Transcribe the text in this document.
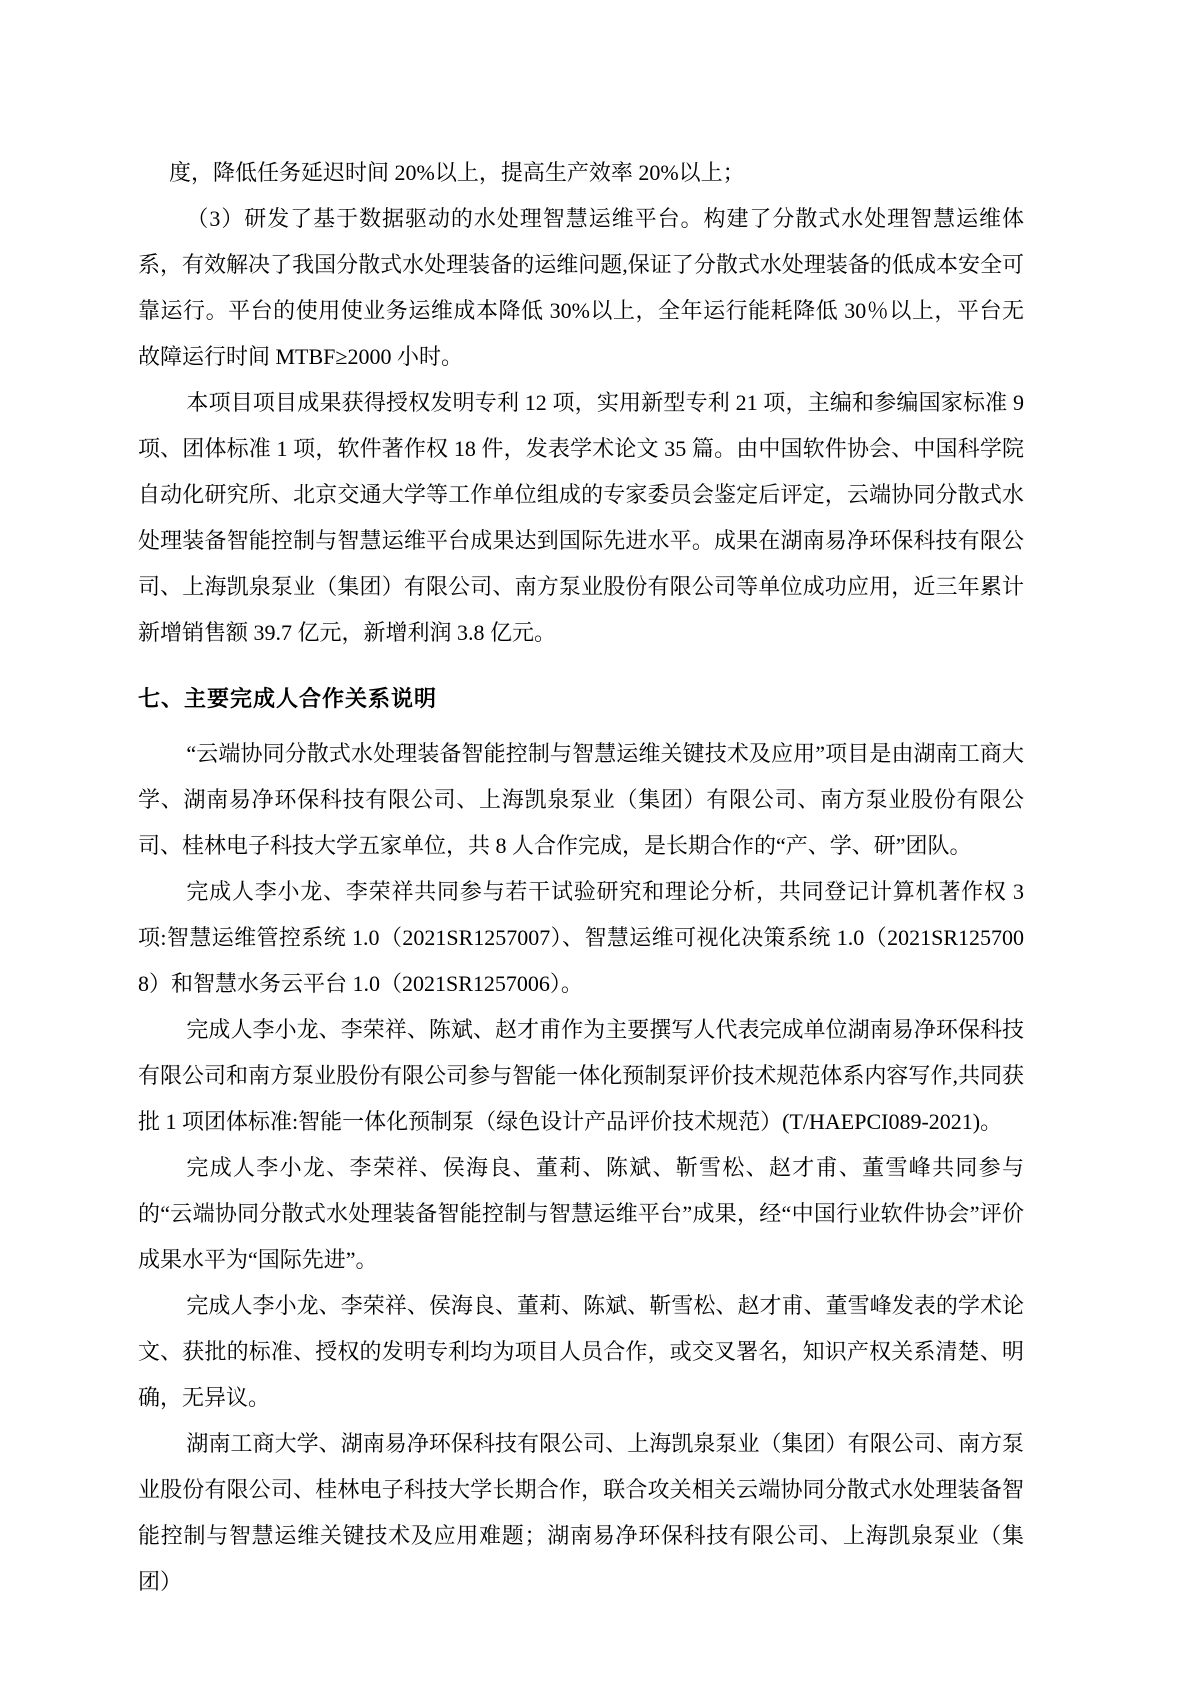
度，降低任务延迟时间 20%以上，提高生产效率 20%以上；

（3）研发了基于数据驱动的水处理智慧运维平台。构建了分散式水处理智慧运维体系，有效解决了我国分散式水处理装备的运维问题,保证了分散式水处理装备的低成本安全可靠运行。平台的使用使业务运维成本降低 30%以上，全年运行能耗降低 30％以上，平台无故障运行时间 MTBF≥2000 小时。

本项目项目成果获得授权发明专利 12 项，实用新型专利 21 项，主编和参编国家标准 9 项、团体标准 1 项，软件著作权 18 件，发表学术论文 35 篇。由中国软件协会、中国科学院自动化研究所、北京交通大学等工作单位组成的专家委员会鉴定后评定，云端协同分散式水处理装备智能控制与智慧运维平台成果达到国际先进水平。成果在湖南易净环保科技有限公司、上海凯泉泵业（集团）有限公司、南方泵业股份有限公司等单位成功应用，近三年累计新增销售额 39.7 亿元，新增利润 3.8 亿元。

七、主要完成人合作关系说明

“云端协同分散式水处理装备智能控制与智慧运维关键技术及应用”项目是由湖南工商大学、湖南易净环保科技有限公司、上海凯泉泵业（集团）有限公司、南方泵业股份有限公司、桂林电子科技大学五家单位，共 8 人合作完成，是长期合作的“产、学、研”团队。

完成人李小龙、李荣祥共同参与若干试验研究和理论分析，共同登记计算机著作权 3 项:智慧运维管控系统 1.0（2021SR1257007）、智慧运维可视化决策系统 1.0（2021SR1257008）和智慧水务云平台 1.0（2021SR1257006）。

完成人李小龙、李荣祥、陈斌、赵才甫作为主要撰写人代表完成单位湖南易净环保科技有限公司和南方泵业股份有限公司参与智能一体化预制泵评价技术规范体系内容写作,共同获批 1 项团体标准:智能一体化预制泵（绿色设计产品评价技术规范）(T/HAEPCI089-2021)。

完成人李小龙、李荣祥、侯海良、董莉、陈斌、靳雪松、赵才甫、董雪峰共同参与的“云端协同分散式水处理装备智能控制与智慧运维平台”成果，经“中国行业软件协会”评价成果水平为“国际先进”。

完成人李小龙、李荣祥、侯海良、董莉、陈斌、靳雪松、赵才甫、董雪峰发表的学术论文、获批的标准、授权的发明专利均为项目人员合作，或交叉署名，知识产权关系清楚、明确，无异议。

湖南工商大学、湖南易净环保科技有限公司、上海凯泉泵业（集团）有限公司、南方泵业股份有限公司、桂林电子科技大学长期合作，联合攻关相关云端协同分散式水处理装备智能控制与智慧运维关键技术及应用难题；湖南易净环保科技有限公司、上海凯泉泵业（集团）
